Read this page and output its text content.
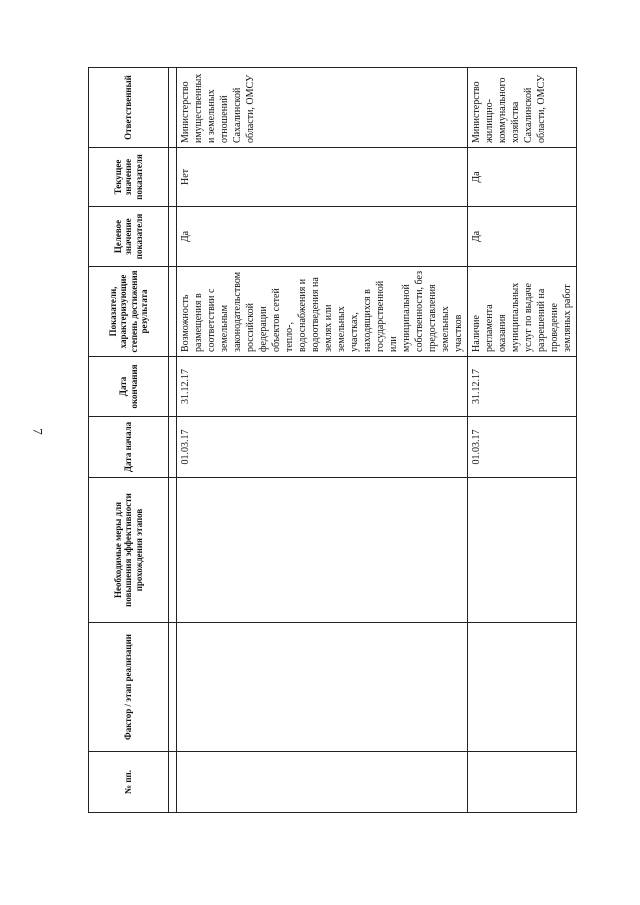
7
№ пп.	Фактор / этап реализации	Необходимые меры для повышения эффективности прохождения этапов	Дата начала	Дата окончания	Показатели, характеризующие степень достижения результата	Целевое значение показателя	Текущее значение показателя	Ответственный

			01.03.17	31.12.17	Возможность размещения в соответствии с земельным законодательством российской федерации объектов сетей тепло-, водоснабжения и водоотведения на землях или земельных участках, находящихся в государственной или муниципальной собственности, без предоставления земельных участков	Да	Нет	Министерство имущественных и земельных отношений Сахалинской области, ОМСУ
			01.03.17	31.12.17	Наличие регламента оказания муниципальных услуг по выдаче разрешений на проведение земляных работ	Да	Да	Министерство жилищно-коммунального хозяйства Сахалинской области, ОМСУ
